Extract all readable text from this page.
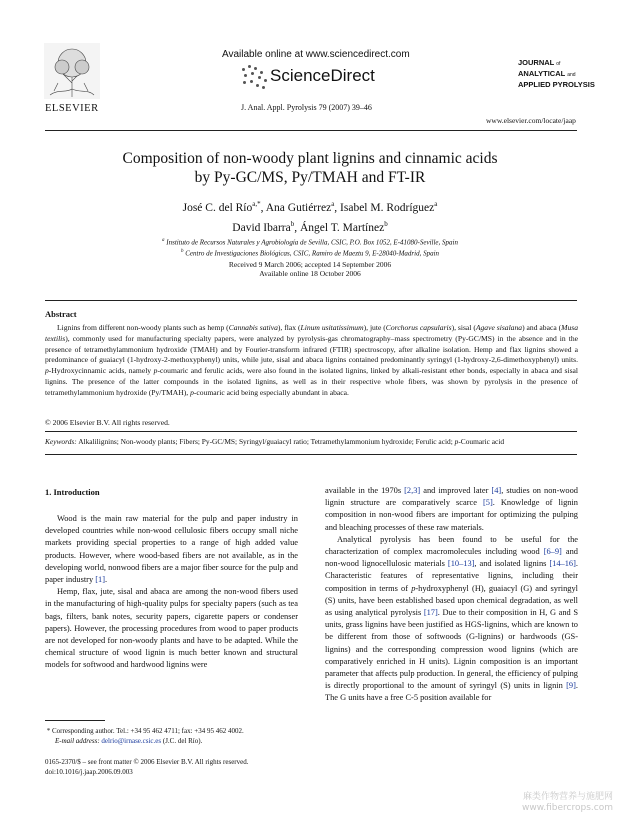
ELSEVIER
Available online at www.sciencedirect.com
ScienceDirect
J. Anal. Appl. Pyrolysis 79 (2007) 39–46
JOURNAL of
ANALYTICAL and
APPLIED PYROLYSIS
www.elsevier.com/locate/jaap
Composition of non-woody plant lignins and cinnamic acids
by Py-GC/MS, Py/TMAH and FT-IR
José C. del Río$^{a,*}$, Ana Gutiérrez$^a$, Isabel M. Rodríguez$^a$
David Ibarra$^b$, Ángel T. Martínez$^b$
$^a$ Instituto de Recursos Naturales y Agrobiología de Sevilla, CSIC, P.O. Box 1052, E-41080-Seville, Spain
$^b$ Centro de Investigaciones Biológicas, CSIC, Ramiro de Maeztu 9, E-28040-Madrid, Spain
Received 9 March 2006; accepted 14 September 2006
Available online 18 October 2006
Abstract
Lignins from different non-woody plants such as hemp (Cannabis sativa), flax (Linum usitatissimum), jute (Corchorus capsularis), sisal (Agave sisalana) and abaca (Musa textilis), commonly used for manufacturing specialty papers, were analyzed by pyrolysis-gas chromatography–mass spectrometry (Py-GC/MS) in the absence and in the presence of tetramethylammonium hydroxide (TMAH) and by Fourier-transform infrared (FTIR) spectroscopy, after alkaline isolation. Hemp and flax lignins showed a predominance of guaiacyl (1-hydroxy-2-methoxyphenyl) units, while jute, sisal and abaca lignins contained predominantly syringyl (1-hydroxy-2,6-dimethoxyphenyl) units. p-Hydroxycinnamic acids, namely p-coumaric and ferulic acids, were also found in the isolated lignins, linked by alkali-resistant ether bonds, especially in abaca and sisal lignins. The presence of the latter compounds in the isolated lignins, as well as in their respective whole fibers, was shown by pyrolysis in the presence of tetramethylammonium hydroxide (Py/TMAH), p-coumaric acid being especially abundant in abaca.
© 2006 Elsevier B.V. All rights reserved.
Keywords: Alkalilignins; Non-woody plants; Fibers; Py-GC/MS; Syringyl/guaiacyl ratio; Tetramethylammonium hydroxide; Ferulic acid; p-Coumaric acid
1. Introduction

Wood is the main raw material for the pulp and paper industry in developed countries while non-wood cellulosic fibers occupy small niche markets providing special properties to a range of high added value products. However, where wood-based fibers are not available, as in the developing world, nonwood fibers are a major fiber source for the pulp and paper industry [1].

Hemp, flax, jute, sisal and abaca are among the non-wood fibers used in the manufacturing of high-quality pulps for specialty papers (such as tea bags, filters, bank notes, security papers, cigarette papers or condenser papers). However, the processing procedures from wood to paper products are not developed for non-woody plants and have to be adapted. While the chemical structure of wood lignin is much better known and structural models for softwood and hardwood lignins were

available in the 1970s [2,3] and improved later [4], studies on non-wood lignin structure are comparatively scarce [5]. Knowledge of lignin composition in non-wood fibers are important for optimizing the pulping and bleaching processes of these raw materials.

Analytical pyrolysis has been found to be useful for the characterization of complex macromolecules including wood [6–9] and non-wood lignocellulosic materials [10–13], and isolated lignins [14–16]. Characteristic features of representative lignins, including their composition in terms of p-hydroxyphenyl (H), guaiacyl (G) and syringyl (S) units, have been established based upon chemical degradation, as well as using analytical pyrolysis [17]. Due to their composition in H, G and S units, grass lignins have been justified as HGS-lignins, which are known to be different from those of softwoods (G-lignins) or hardwoods (GS-lignins) and the corresponding compression wood lignins (which are comparatively enriched in H units). Lignin composition is an important parameter that affects pulp production. In general, the efficiency of pulping is directly proportional to the amount of syringyl (S) units in lignin [9]. The G units have a free C-5 position available for

* Corresponding author. Tel.: +34 95 462 4711; fax: +34 95 462 4002.
E-mail address: delrio@irnase.csic.es (J.C. del Río).
0165-2370/$ – see front matter © 2006 Elsevier B.V. All rights reserved.
doi:10.1016/j.jaap.2006.09.003
麻类作物营养与施肥网
www.fibercrops.com
